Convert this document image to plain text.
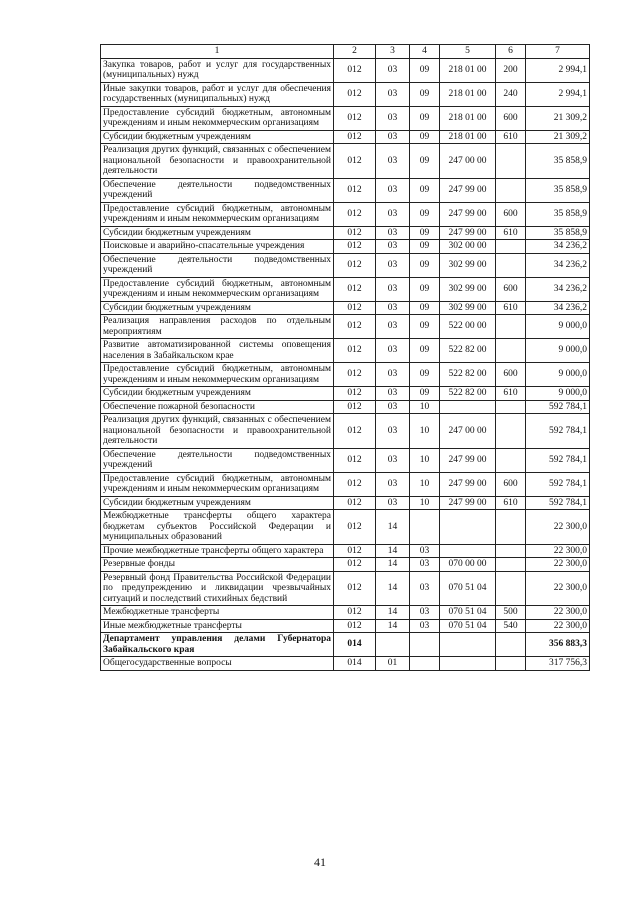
1	2	3	4	5	6	7
Закупка товаров, работ и услуг для государственных (муниципальных) нужд	012	03	09	218 01 00	200	2 994,1
Иные закупки товаров, работ и услуг для обеспечения государственных (муниципальных) нужд	012	03	09	218 01 00	240	2 994,1
Предоставление субсидий бюджетным, автономным учреждениям и иным некоммерческим организациям	012	03	09	218 01 00	600	21 309,2
Субсидии бюджетным учреждениям	012	03	09	218 01 00	610	21 309,2
Реализация других функций, связанных с обеспечением национальной безопасности и правоохранительной деятельности	012	03	09	247 00 00		35 858,9
Обеспечение деятельности подведомственных учреждений	012	03	09	247 99 00		35 858,9
Предоставление субсидий бюджетным, автономным учреждениям и иным некоммерческим организациям	012	03	09	247 99 00	600	35 858,9
Субсидии бюджетным учреждениям	012	03	09	247 99 00	610	35 858,9
Поисковые и аварийно-спасательные учреждения	012	03	09	302 00 00		34 236,2
Обеспечение деятельности подведомственных учреждений	012	03	09	302 99 00		34 236,2
Предоставление субсидий бюджетным, автономным учреждениям и иным некоммерческим организациям	012	03	09	302 99 00	600	34 236,2
Субсидии бюджетным учреждениям	012	03	09	302 99 00	610	34 236,2
Реализация направления расходов по отдельным мероприятиям	012	03	09	522 00 00		9 000,0
Развитие автоматизированной системы оповещения населения в Забайкальском крае	012	03	09	522 82 00		9 000,0
Предоставление субсидий бюджетным, автономным учреждениям и иным некоммерческим организациям	012	03	09	522 82 00	600	9 000,0
Субсидии бюджетным учреждениям	012	03	09	522 82 00	610	9 000,0
Обеспечение пожарной безопасности	012	03	10			592 784,1
Реализация других функций, связанных с обеспечением национальной безопасности и правоохранительной деятельности	012	03	10	247 00 00		592 784,1
Обеспечение деятельности подведомственных учреждений	012	03	10	247 99 00		592 784,1
Предоставление субсидий бюджетным, автономным учреждениям и иным некоммерческим организациям	012	03	10	247 99 00	600	592 784,1
Субсидии бюджетным учреждениям	012	03	10	247 99 00	610	592 784,1
Межбюджетные трансферты общего характера бюджетам субъектов Российской Федерации и муниципальных образований	012	14				22 300,0
Прочие межбюджетные трансферты общего характера	012	14	03			22 300,0
Резервные фонды	012	14	03	070 00 00		22 300,0
Резервный фонд Правительства Российской Федерации по предупреждению и ликвидации чрезвычайных ситуаций и последствий стихийных бедствий	012	14	03	070 51 04		22 300,0
Межбюджетные трансферты	012	14	03	070 51 04	500	22 300,0
Иные межбюджетные трансферты	012	14	03	070 51 04	540	22 300,0
Департамент управления делами Губернатора Забайкальского края	014					356 883,3
Общегосударственные вопросы	014	01				317 756,3
41
